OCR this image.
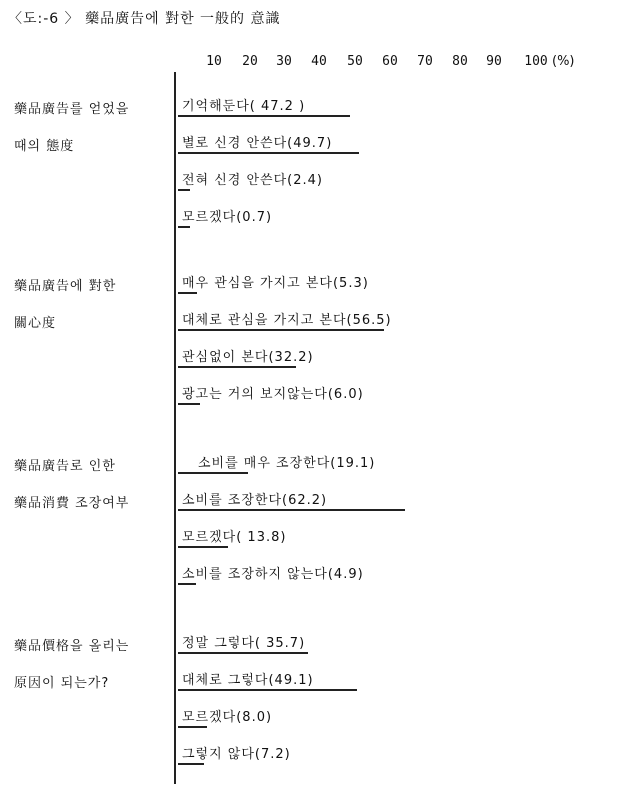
〈도:-6 〉 藥品廣告에 對한 一般的 意識
10 20 30 40 50 60 70 80 90 100 (%)
藥品廣告를 얻었을
때의 態度
기억해둔다( 47.2 )
별로 신경 안쓴다(49.7)
전혀 신경 안쓴다(2.4)
모르겠다(0.7)
藥品廣告에 對한
關心度
매우 관심을 가지고 본다(5.3)
대체로 관심을 가지고 본다(56.5)
관심없이 본다(32.2)
광고는 거의 보지않는다(6.0)
藥品廣告로 인한
藥品消費 조장여부
소비를 매우 조장한다(19.1)
소비를 조장한다(62.2)
모르겠다( 13.8)
소비를 조장하지 않는다(4.9)
藥品價格을 올리는
原因이 되는가?
정말 그렇다( 35.7)
대체로 그렇다(49.1)
모르겠다(8.0)
그렇지 않다(7.2)
